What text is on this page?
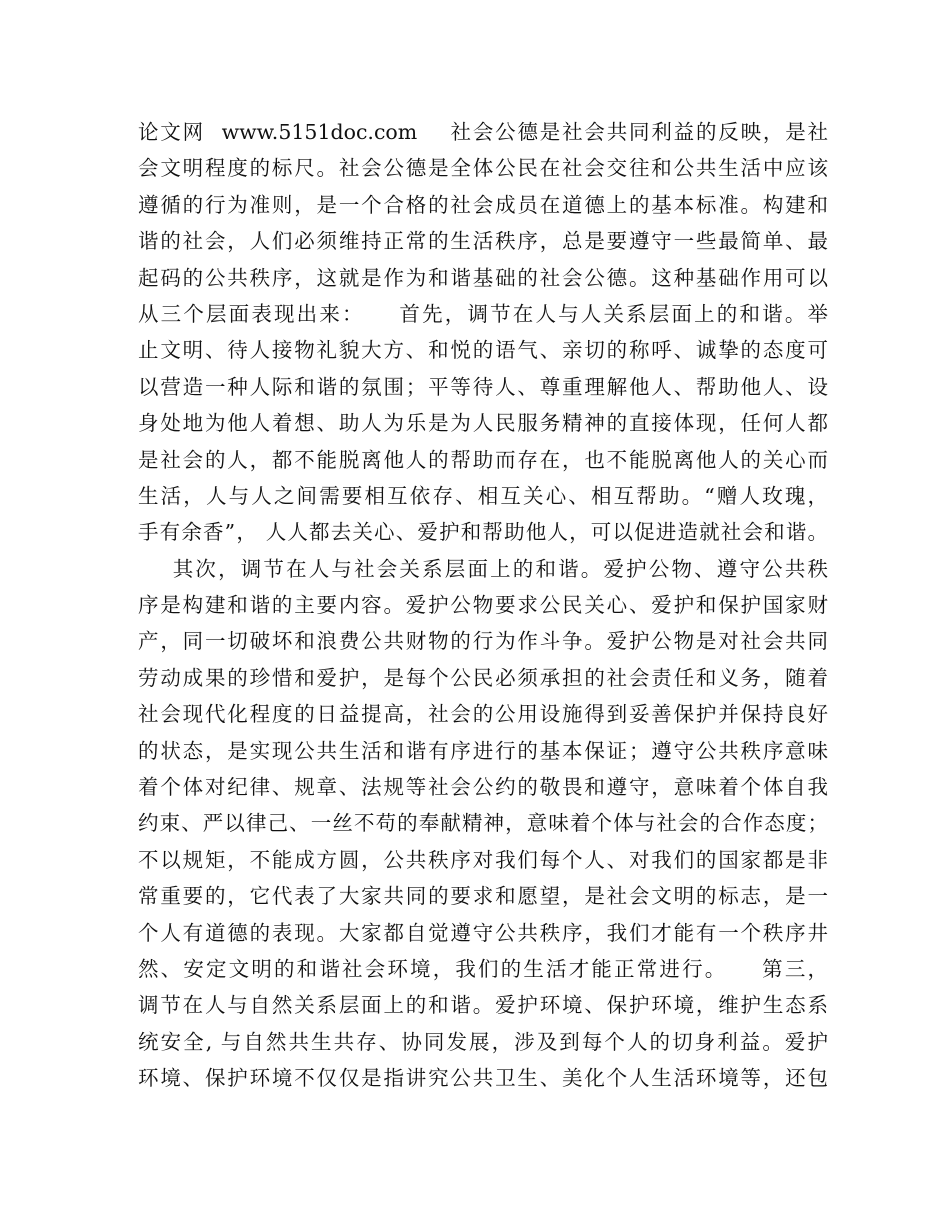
论文网  www.5151doc.com    社会公德是社会共同利益的反映，是社
会文明程度的标尺。社会公德是全体公民在社会交往和公共生活中应该
遵循的行为准则，是一个合格的社会成员在道德上的基本标准。构建和
谐的社会，人们必须维持正常的生活秩序，总是要遵守一些最简单、最
起码的公共秩序，这就是作为和谐基础的社会公德。这种基础作用可以
从三个层面表现出来：    首先，调节在人与人关系层面上的和谐。举
止文明、待人接物礼貌大方、和悦的语气、亲切的称呼、诚挚的态度可
以营造一种人际和谐的氛围；平等待人、尊重理解他人、帮助他人、设
身处地为他人着想、助人为乐是为人民服务精神的直接体现，任何人都
是社会的人，都不能脱离他人的帮助而存在，也不能脱离他人的关心而
生活，人与人之间需要相互依存、相互关心、相互帮助。“赠人玫瑰，
手有余香”， 人人都去关心、爱护和帮助他人，可以促进造就社会和谐。
其次，调节在人与社会关系层面上的和谐。爱护公物、遵守公共秩
序是构建和谐的主要内容。爱护公物要求公民关心、爱护和保护国家财
产，同一切破坏和浪费公共财物的行为作斗争。爱护公物是对社会共同
劳动成果的珍惜和爱护，是每个公民必须承担的社会责任和义务，随着
社会现代化程度的日益提高，社会的公用设施得到妥善保护并保持良好
的状态，是实现公共生活和谐有序进行的基本保证；遵守公共秩序意味
着个体对纪律、规章、法规等社会公约的敬畏和遵守，意味着个体自我
约束、严以律己、一丝不苟的奉献精神，意味着个体与社会的合作态度；
不以规矩，不能成方圆，公共秩序对我们每个人、对我们的国家都是非
常重要的，它代表了大家共同的要求和愿望，是社会文明的标志，是一
个人有道德的表现。大家都自觉遵守公共秩序，我们才能有一个秩序井
然、安定文明的和谐社会环境，我们的生活才能正常进行。    第三，
调节在人与自然关系层面上的和谐。爱护环境、保护环境，维护生态系
统安全, 与自然共生共存、协同发展，涉及到每个人的切身利益。爱护
环境、保护环境不仅仅是指讲究公共卫生、美化个人生活环境等，还包
